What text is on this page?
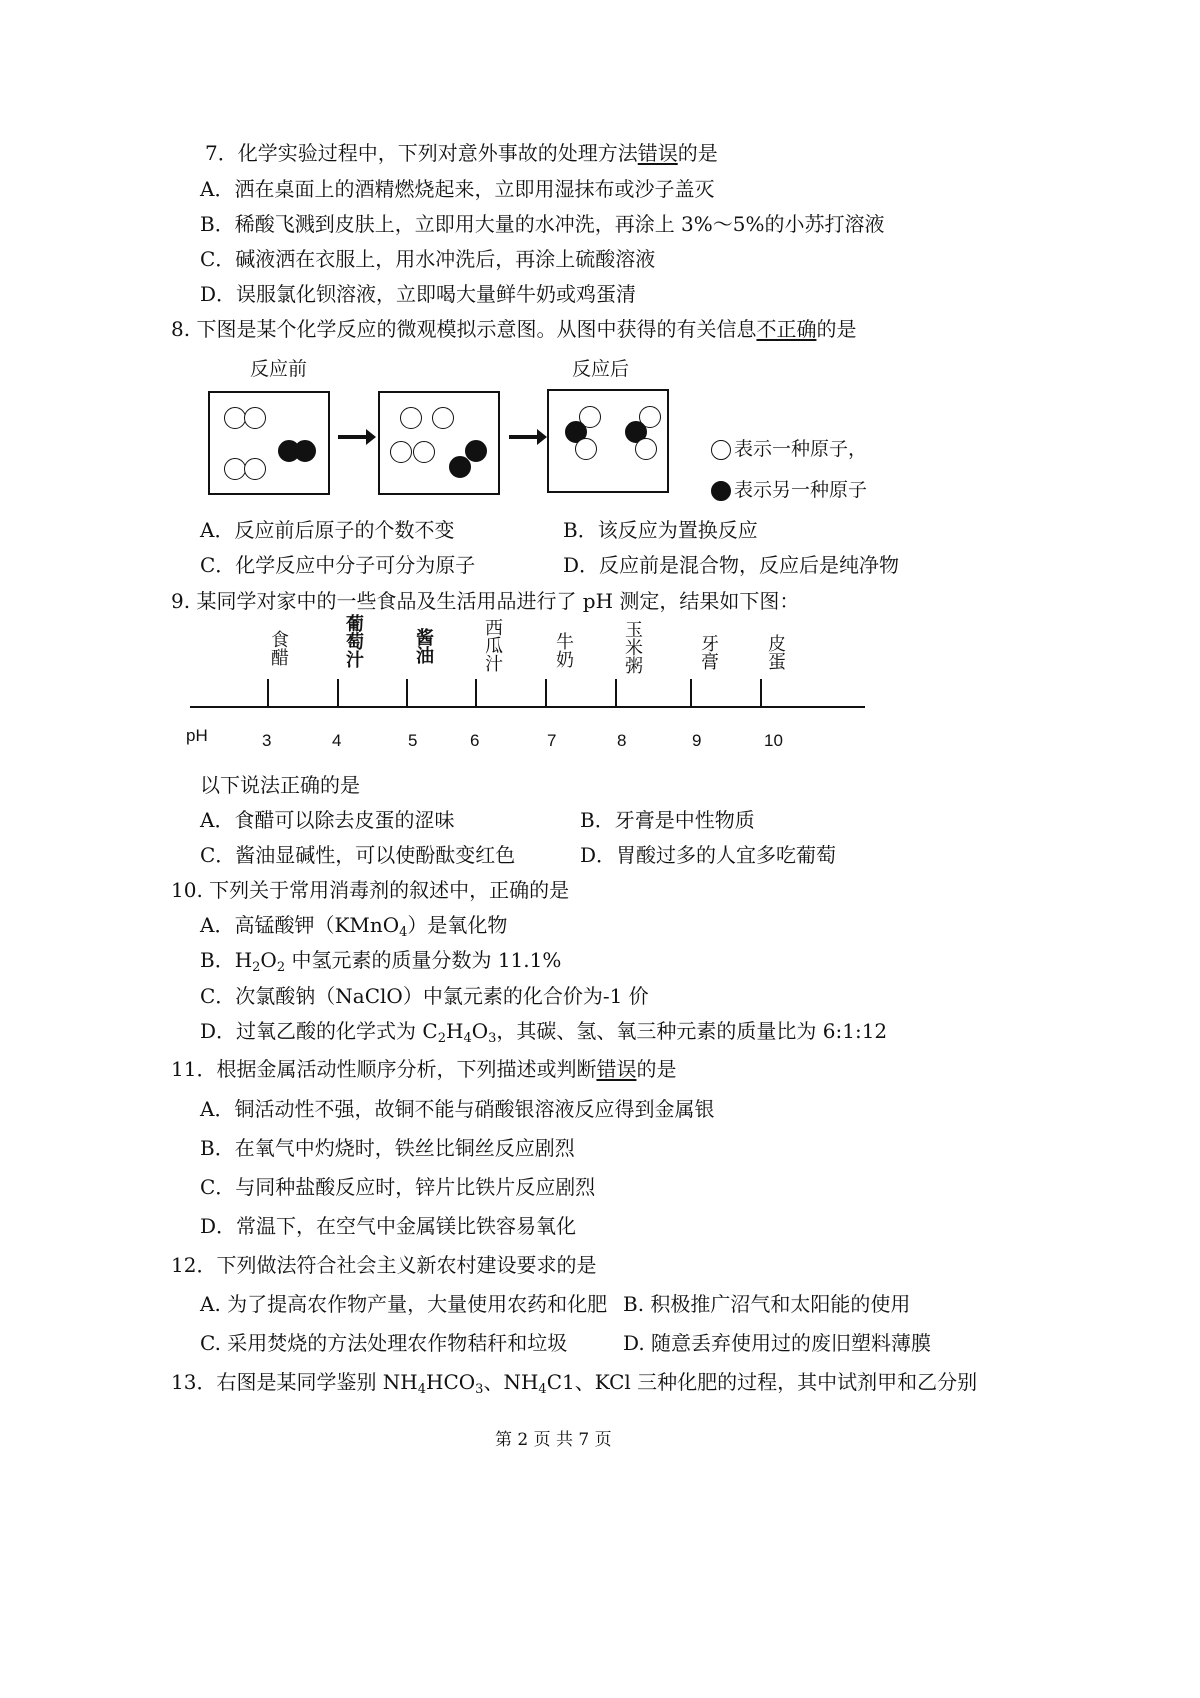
7．化学实验过程中，下列对意外事故的处理方法错误的是
A．洒在桌面上的酒精燃烧起来，立即用湿抹布或沙子盖灭
B．稀酸飞溅到皮肤上，立即用大量的水冲洗，再涂上 3%～5%的小苏打溶液
C．碱液洒在衣服上，用水冲洗后，再涂上硫酸溶液
D．误服氯化钡溶液，立即喝大量鲜牛奶或鸡蛋清
8. 下图是某个化学反应的微观模拟示意图。从图中获得的有关信息不正确的是
反应前	反应后
表示一种原子，
表示另一种原子
A．反应前后原子的个数不变	B．该反应为置换反应
C．化学反应中分子可分为原子	D．反应前是混合物，反应后是纯净物
9. 某同学对家中的一些食品及生活用品进行了 pH 测定，结果如下图：
食醋	葡萄汁	酱油	西瓜汁	牛奶	玉米粥	牙膏	皮蛋
pH	3	4	5	6	7	8	9	10
以下说法正确的是
A．食醋可以除去皮蛋的涩味	B．牙膏是中性物质
C．酱油显碱性，可以使酚酞变红色	D．胃酸过多的人宜多吃葡萄
10. 下列关于常用消毒剂的叙述中，正确的是
A．高锰酸钾（KMnO$_4$）是氧化物
B．$H_2O_2$ 中氢元素的质量分数为 11.1%
C．次氯酸钠（NaClO）中氯元素的化合价为-1 价
D．过氧乙酸的化学式为 $C_2H_4O_3$，其碳、氢、氧三种元素的质量比为 6:1:12
11．根据金属活动性顺序分析，下列描述或判断错误的是
A．铜活动性不强，故铜不能与硝酸银溶液反应得到金属银
B．在氧气中灼烧时，铁丝比铜丝反应剧烈
C．与同种盐酸反应时，锌片比铁片反应剧烈
D．常温下，在空气中金属镁比铁容易氧化
12．下列做法符合社会主义新农村建设要求的是
A. 为了提高农作物产量，大量使用农药和化肥 B. 积极推广沼气和太阳能的使用
C. 采用焚烧的方法处理农作物秸秆和垃圾	D. 随意丢弃使用过的废旧塑料薄膜
13．右图是某同学鉴别 $NH_4HCO_3$、$NH_4C1$、KCl 三种化肥的过程，其中试剂甲和乙分别
第 2 页 共 7 页
